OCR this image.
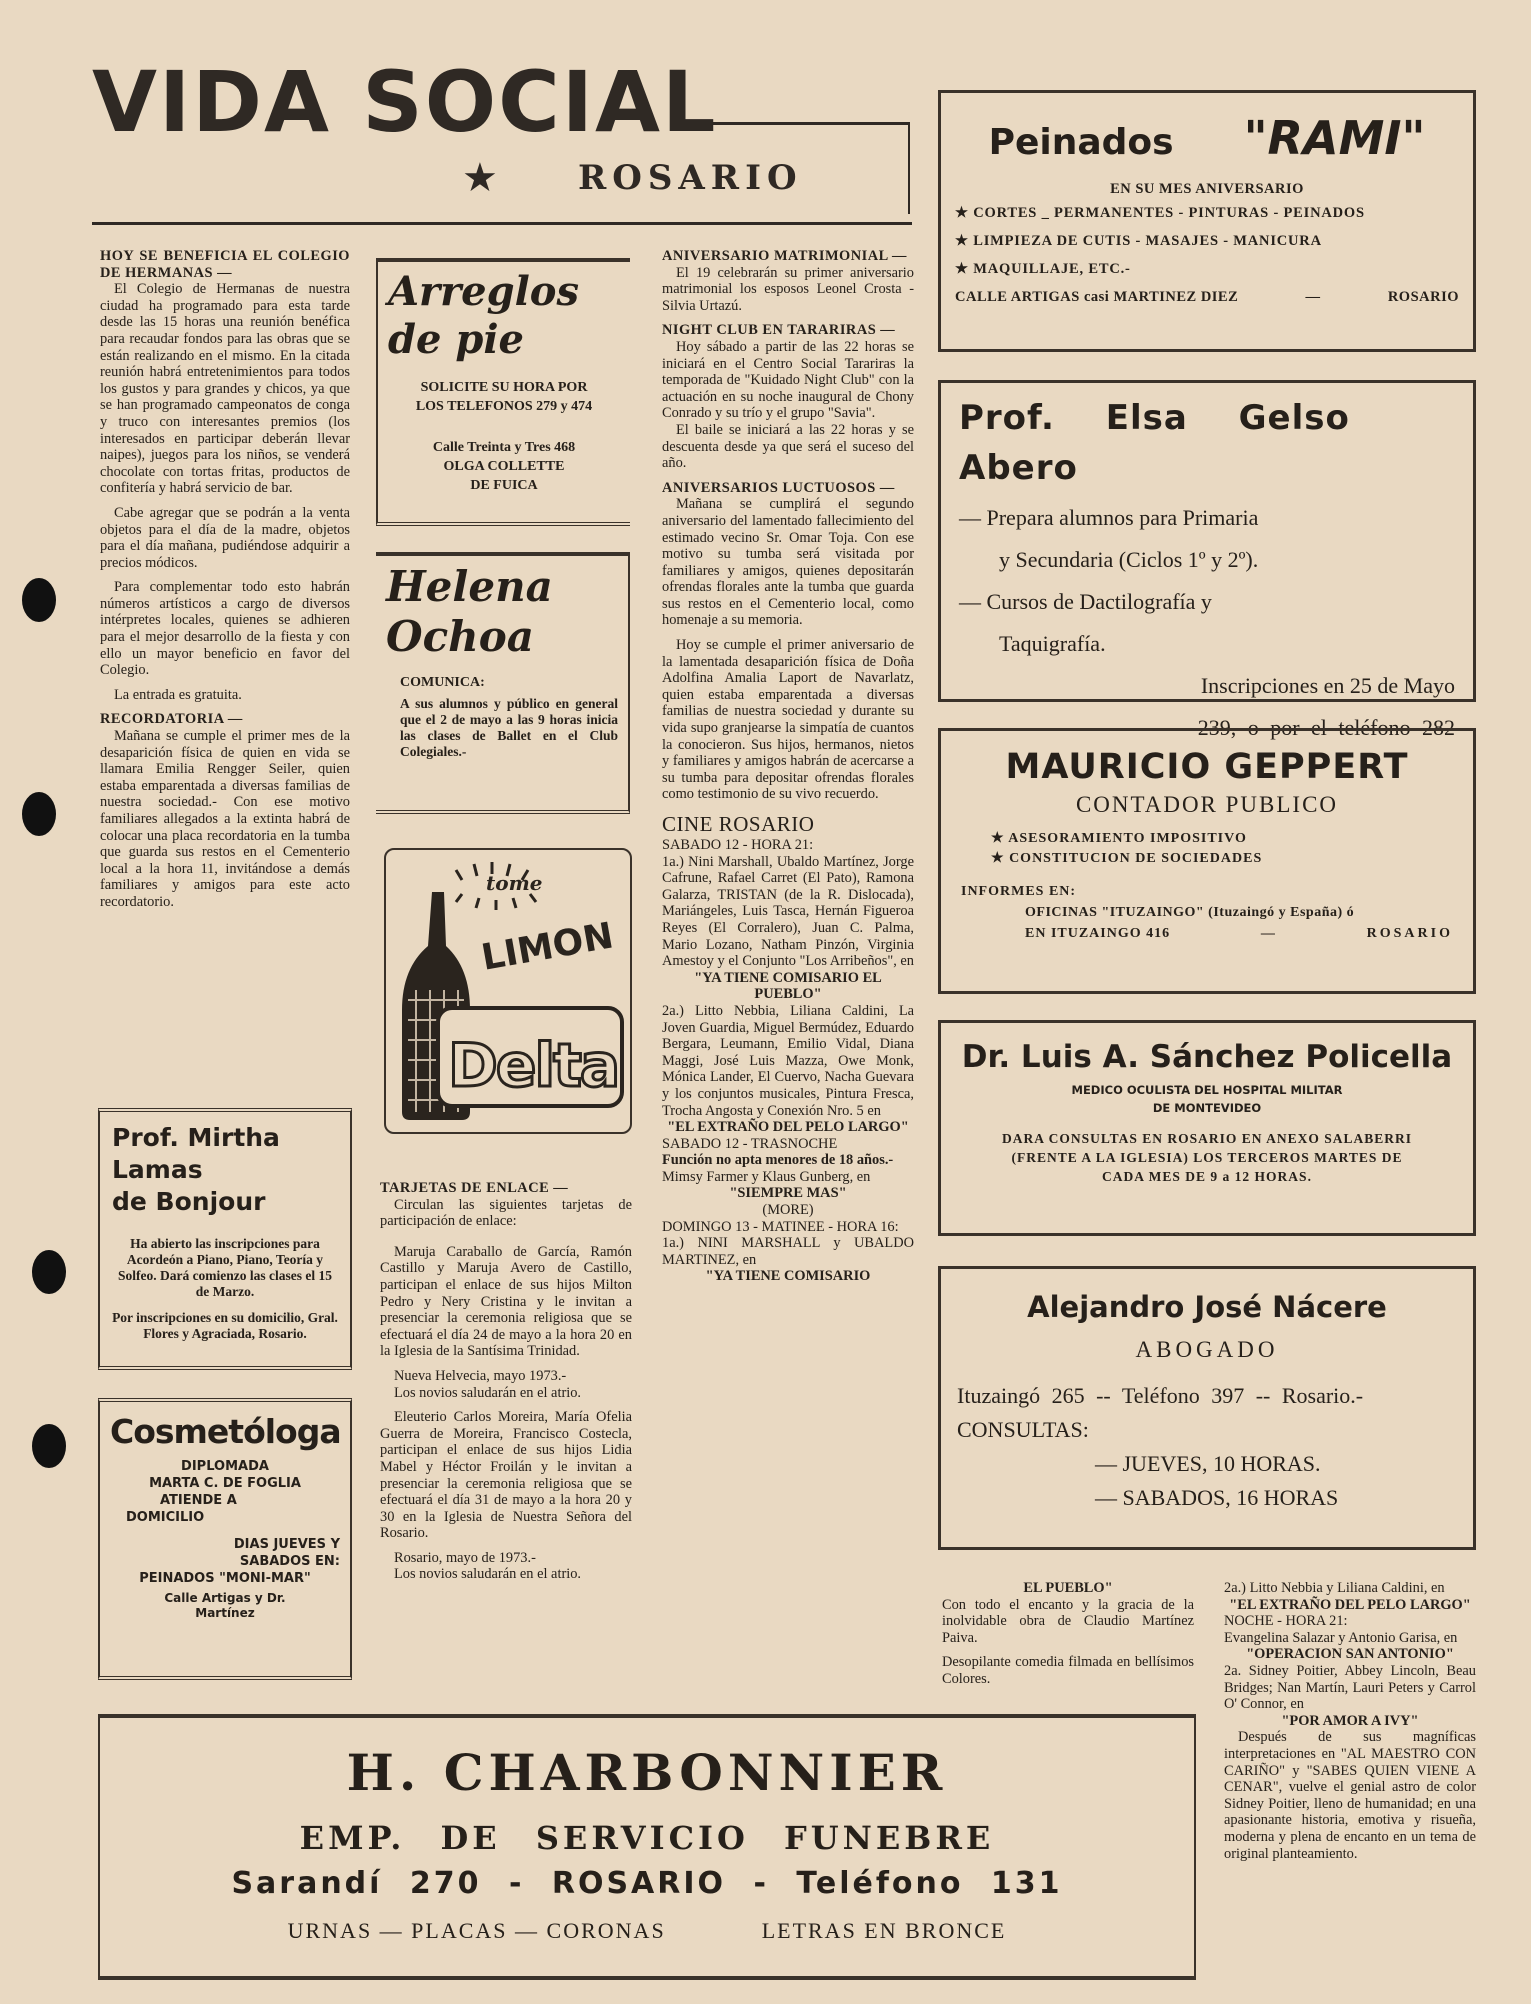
VIDA SOCIAL
★ ROSARIO
HOY SE BENEFICIA EL COLEGIO DE HERMANAS —

El Colegio de Hermanas de nuestra ciudad ha programado para esta tarde desde las 15 horas una reunión benéfica para recaudar fondos para las obras que se están realizando en el mismo. En la citada reunión habrá entretenimientos para todos los gustos y para grandes y chicos, ya que se han programado campeonatos de conga y truco con interesantes premios (los interesados en participar deberán llevar naipes), juegos para los niños, se venderá chocolate con tortas fritas, productos de confitería y habrá servicio de bar.

Cabe agregar que se podrán a la venta objetos para el día de la madre, objetos para el día mañana, pudiéndose adquirir a precios módicos.

Para complementar todo esto habrán números artísticos a cargo de diversos intérpretes locales, quienes se adhieren para el mejor desarrollo de la fiesta y con ello un mayor beneficio en favor del Colegio.

La entrada es gratuita.

RECORDATORIA —

Mañana se cumple el primer mes de la desaparición física de quien en vida se llamara Emilia Rengger Seiler, quien estaba emparentada a diversas familias de nuestra sociedad.- Con ese motivo familiares allegados a la extinta habrá de colocar una placa recordatoria en la tumba que guarda sus restos en el Cementerio local a la hora 11, invitándose a demás familiares y amigos para este acto recordatorio.

Prof. Mirtha Lamas
de Bonjour
Ha abierto las inscripciones para Acordeón a Piano, Piano, Teoría y Solfeo. Dará comienzo las clases el 15 de Marzo.
Por inscripciones en su domicilio, Gral. Flores y Agraciada, Rosario.
Cosmetóloga
DIPLOMADA
MARTA C. DE FOGLIA
ATIENDE A
DOMICILIO
DIAS JUEVES Y
SABADOS EN:
PEINADOS "MONI-MAR"
Calle Artigas y Dr.
Martínez
Arreglos
de pie
SOLICITE SU HORA POR
LOS TELEFONOS 279 y 474
Calle Treinta y Tres 468
OLGA COLLETTE
DE FUICA
Helena
Ochoa
COMUNICA:
A sus alumnos y público en general que el 2 de mayo a las 9 horas inicia las clases de Ballet en el Club Colegiales.-
tome
LIMON
Delta
TARJETAS DE ENLACE —

Circulan las siguientes tarjetas de participación de enlace:

Maruja Caraballo de García, Ramón Castillo y Maruja Avero de Castillo, participan el enlace de sus hijos Milton Pedro y Nery Cristina y le invitan a presenciar la ceremonia religiosa que se efectuará el día 24 de mayo a la hora 20 en la Iglesia de la Santísima Trinidad.

Nueva Helvecia, mayo 1973.-

Los novios saludarán en el atrio.

Eleuterio Carlos Moreira, María Ofelia Guerra de Moreira, Francisco Costecla, participan el enlace de sus hijos Lidia Mabel y Héctor Froilán y le invitan a presenciar la ceremonia religiosa que se efectuará el día 31 de mayo a la hora 20 y 30 en la Iglesia de Nuestra Señora del Rosario.

Rosario, mayo de 1973.-

Los novios saludarán en el atrio.

ANIVERSARIO MATRIMONIAL —

El 19 celebrarán su primer aniversario matrimonial los esposos Leonel Crosta - Silvia Urtazú.

NIGHT CLUB EN TARARIRAS —

Hoy sábado a partir de las 22 horas se iniciará en el Centro Social Tarariras la temporada de "Kuidado Night Club" con la actuación en su noche inaugural de Chony Conrado y su trío y el grupo "Savia".

El baile se iniciará a las 22 horas y se descuenta desde ya que será el suceso del año.

ANIVERSARIOS LUCTUOSOS —

Mañana se cumplirá el segundo aniversario del lamentado fallecimiento del estimado vecino Sr. Omar Toja. Con ese motivo su tumba será visitada por familiares y amigos, quienes depositarán ofrendas florales ante la tumba que guarda sus restos en el Cementerio local, como homenaje a su memoria.

Hoy se cumple el primer aniversario de la lamentada desaparición física de Doña Adolfina Amalia Laport de Navarlatz, quien estaba emparentada a diversas familias de nuestra sociedad y durante su vida supo granjearse la simpatía de cuantos la conocieron. Sus hijos, hermanos, nietos y familiares y amigos habrán de acercarse a su tumba para depositar ofrendas florales como testimonio de su vivo recuerdo.

CINE ROSARIO

SABADO 12 - HORA 21:

1a.) Nini Marshall, Ubaldo Martínez, Jorge Cafrune, Rafael Carret (El Pato), Ramona Galarza, TRISTAN (de la R. Dislocada), Mariángeles, Luis Tasca, Hernán Figueroa Reyes (El Corralero), Juan C. Palma, Mario Lozano, Natham Pinzón, Virginia Amestoy y el Conjunto "Los Arribeños", en

"YA TIENE COMISARIO EL PUEBLO"

2a.) Litto Nebbia, Liliana Caldini, La Joven Guardia, Miguel Bermúdez, Eduardo Bergara, Leumann, Emilio Vidal, Diana Maggi, José Luis Mazza, Owe Monk, Mónica Lander, El Cuervo, Nacha Guevara y los conjuntos musicales, Pintura Fresca, Trocha Angosta y Conexión Nro. 5 en

"EL EXTRAÑO DEL PELO LARGO"

SABADO 12 - TRASNOCHE

Función no apta menores de 18 años.-

Mimsy Farmer y Klaus Gunberg, en

"SIEMPRE MAS"
(MORE)

DOMINGO 13 - MATINEE - HORA 16:

1a.) NINI MARSHALL y UBALDO MARTINEZ, en

"YA TIENE COMISARIO
Peinados "RAMI"
EN SU MES ANIVERSARIO
★ CORTES _ PERMANENTES - PINTURAS - PEINADOS
★ LIMPIEZA DE CUTIS - MASAJES - MANICURA
★ MAQUILLAJE, ETC.-
CALLE ARTIGAS casi MARTINEZ DIEZ	—	ROSARIO
Prof. Elsa Gelso Abero
— Prepara alumnos para Primaria
y Secundaria (Ciclos 1º y 2º).
— Cursos de Dactilografía y
Taquigrafía.
Inscripciones en 25 de Mayo
239, o por el teléfono 282
MAURICIO GEPPERT
CONTADOR PUBLICO
★ ASESORAMIENTO IMPOSITIVO
★ CONSTITUCION DE SOCIEDADES
INFORMES EN:
OFICINAS "ITUZAINGO" (Ituzaingó y España) ó
EN ITUZAINGO 416	—	ROSARIO
Dr. Luis A. Sánchez Policella
MEDICO OCULISTA DEL HOSPITAL MILITAR
DE MONTEVIDEO
DARA CONSULTAS EN ROSARIO EN ANEXO SALABERRI
(FRENTE A LA IGLESIA) LOS TERCEROS MARTES DE
CADA MES DE 9 a 12 HORAS.
Alejandro José Nácere
ABOGADO
Ituzaingó 265 -- Teléfono 397 -- Rosario.-
CONSULTAS:
— JUEVES, 10 HORAS.
— SABADOS, 16 HORAS
EL PUEBLO"

Con todo el encanto y la gracia de la inolvidable obra de Claudio Martínez Paiva.

Desopilante comedia filmada en bellísimos Colores.

2a.) Litto Nebbia y Liliana Caldini, en

"EL EXTRAÑO DEL PELO LARGO"

NOCHE - HORA 21:

Evangelina Salazar y Antonio Garisa, en

"OPERACION SAN ANTONIO"

2a. Sidney Poitier, Abbey Lincoln, Beau Bridges; Nan Martín, Lauri Peters y Carrol O' Connor, en

"POR AMOR A IVY"

Después de sus magníficas interpretaciones en "AL MAESTRO CON CARIÑO" y "SABES QUIEN VIENE A CENAR", vuelve el genial astro de color Sidney Poitier, lleno de humanidad; en una apasionante historia, emotiva y risueña, moderna y plena de encanto en un tema de original planteamiento.

H. CHARBONNIER
EMP. DE SERVICIO FUNEBRE
Sarandí 270 - ROSARIO - Teléfono 131
URNAS — PLACAS — CORONAS	LETRAS EN BRONCE
